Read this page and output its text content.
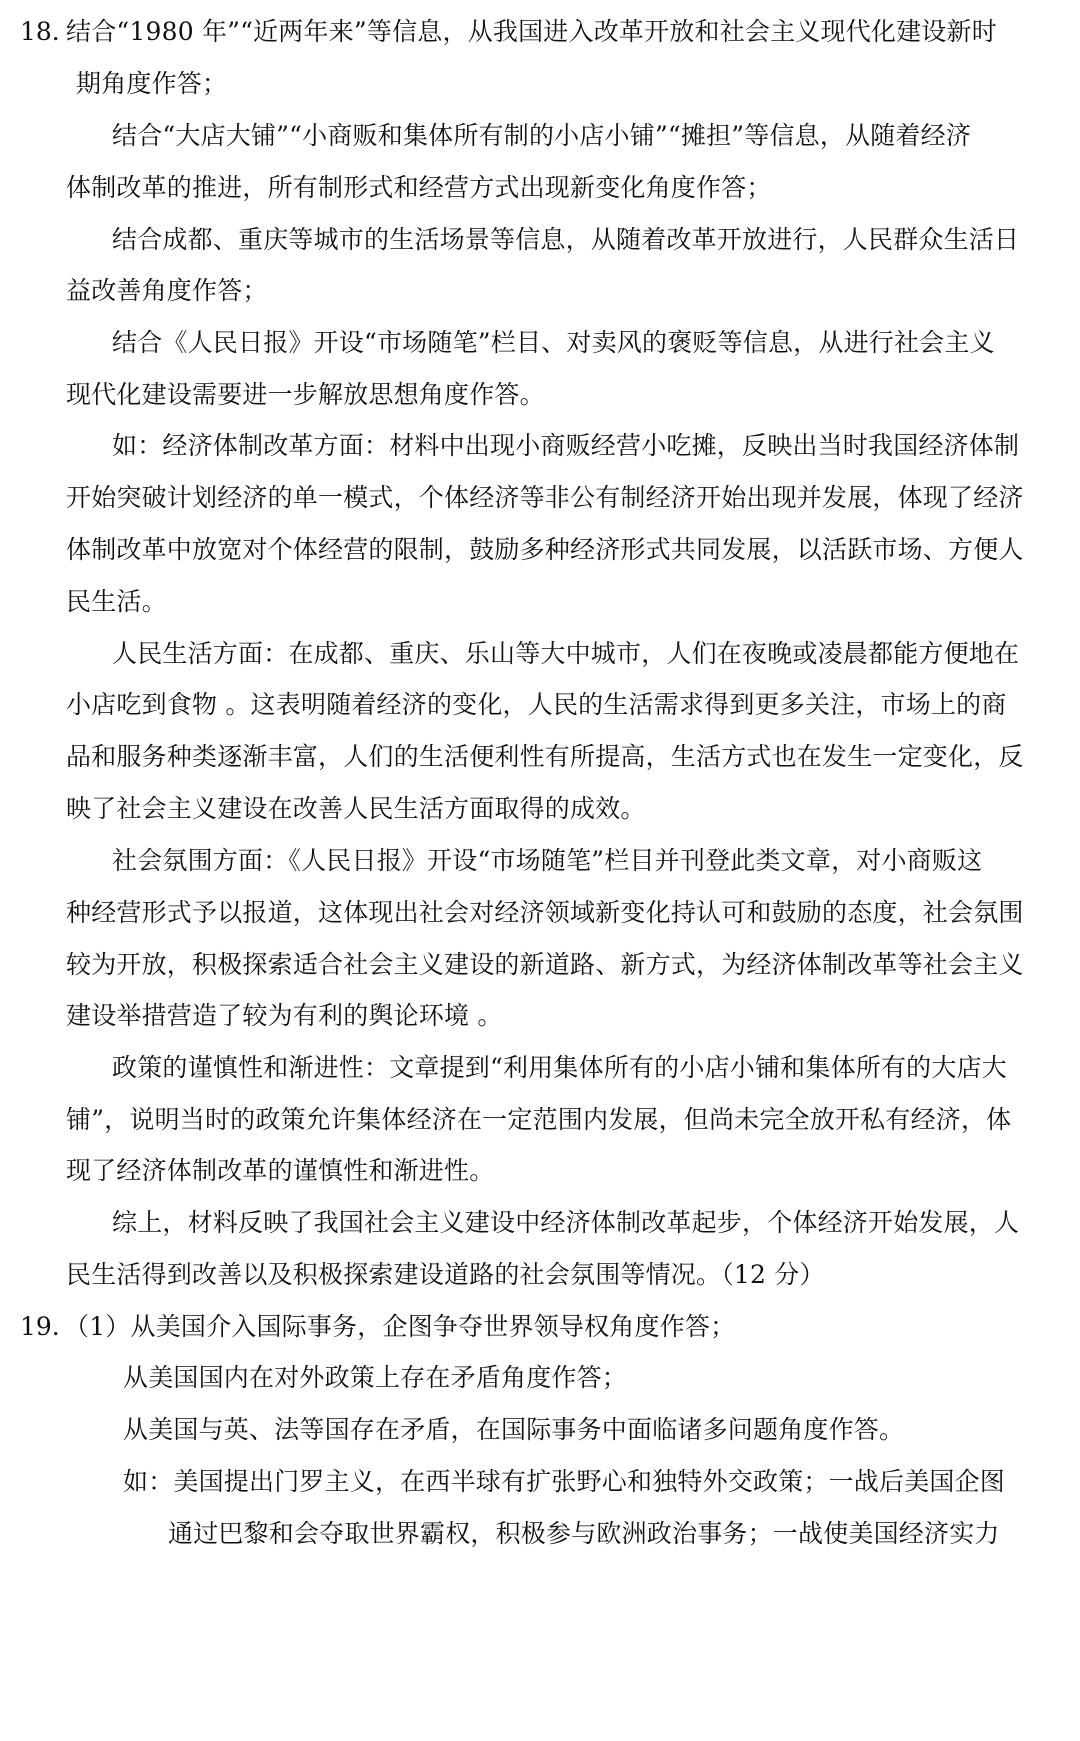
18. 结合“1980 年”“近两年来”等信息，从我国进入改革开放和社会主义现代化建设新时
期角度作答；
结合“大店大铺”“小商贩和集体所有制的小店小铺”“摊担”等信息，从随着经济
体制改革的推进，所有制形式和经营方式出现新变化角度作答；
结合成都、重庆等城市的生活场景等信息，从随着改革开放进行，人民群众生活日
益改善角度作答；
结合《人民日报》开设“市场随笔”栏目、对卖风的褒贬等信息，从进行社会主义
现代化建设需要进一步解放思想角度作答。
如：经济体制改革方面：材料中出现小商贩经营小吃摊，反映出当时我国经济体制
开始突破计划经济的单一模式，个体经济等非公有制经济开始出现并发展，体现了经济
体制改革中放宽对个体经营的限制，鼓励多种经济形式共同发展，以活跃市场、方便人
民生活。
人民生活方面：在成都、重庆、乐山等大中城市，人们在夜晚或凌晨都能方便地在
小店吃到食物 。这表明随着经济的变化，人民的生活需求得到更多关注，市场上的商
品和服务种类逐渐丰富，人们的生活便利性有所提高，生活方式也在发生一定变化，反
映了社会主义建设在改善人民生活方面取得的成效。
社会氛围方面：《人民日报》开设“市场随笔”栏目并刊登此类文章，对小商贩这
种经营形式予以报道，这体现出社会对经济领域新变化持认可和鼓励的态度，社会氛围
较为开放，积极探索适合社会主义建设的新道路、新方式，为经济体制改革等社会主义
建设举措营造了较为有利的舆论环境 。
政策的谨慎性和渐进性：文章提到“利用集体所有的小店小铺和集体所有的大店大
铺”，说明当时的政策允许集体经济在一定范围内发展，但尚未完全放开私有经济，体
现了经济体制改革的谨慎性和渐进性。
综上，材料反映了我国社会主义建设中经济体制改革起步，个体经济开始发展，人
民生活得到改善以及积极探索建设道路的社会氛围等情况。（12 分）
19. （1）从美国介入国际事务，企图争夺世界领导权角度作答；
从美国国内在对外政策上存在矛盾角度作答；
从美国与英、法等国存在矛盾，在国际事务中面临诸多问题角度作答。
如：美国提出门罗主义，在西半球有扩张野心和独特外交政策；一战后美国企图
通过巴黎和会夺取世界霸权，积极参与欧洲政治事务；一战使美国经济实力
